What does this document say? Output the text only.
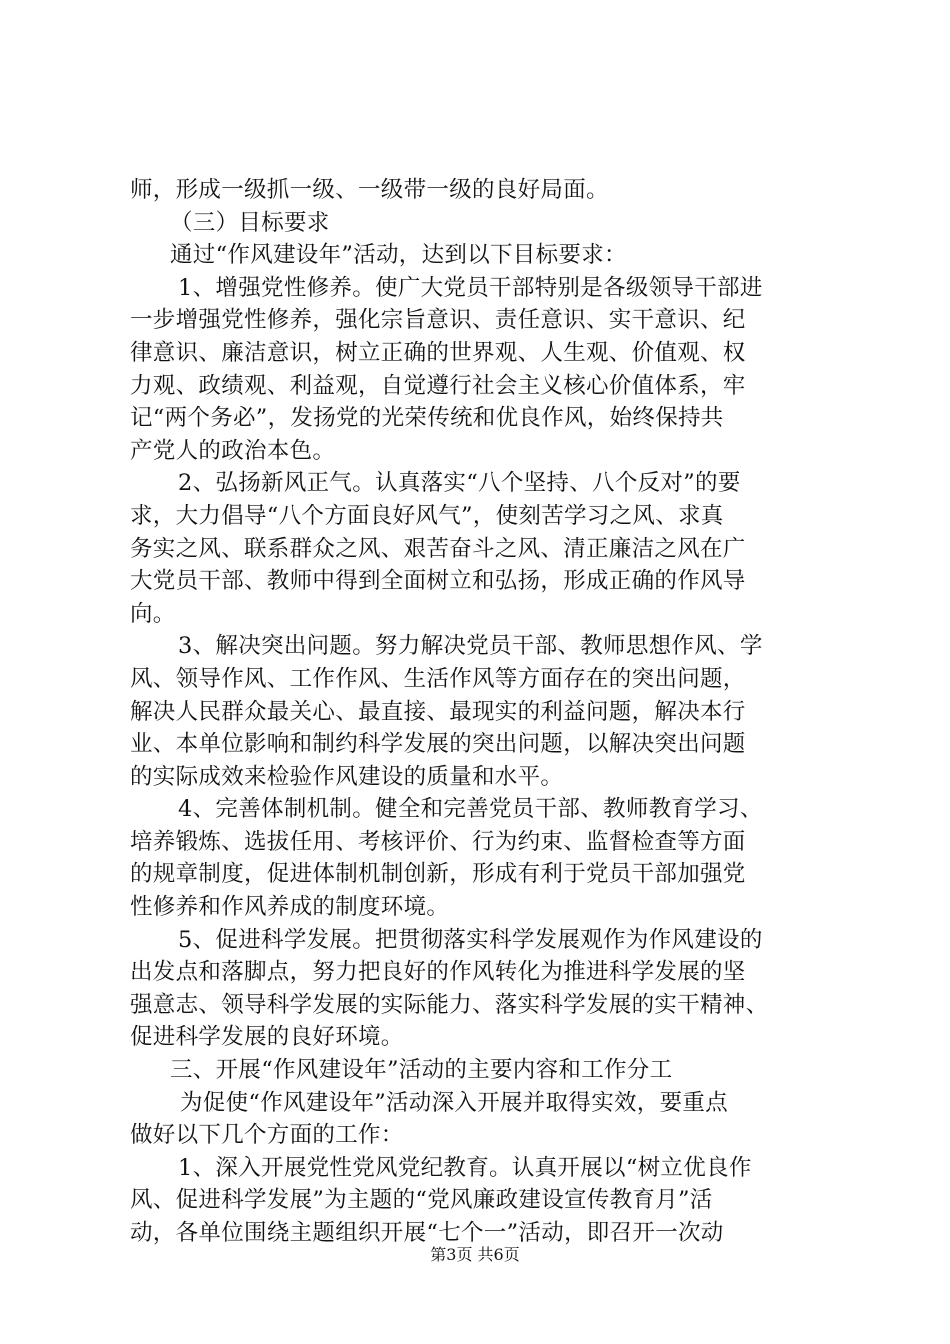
师，形成一级抓一级、一级带一级的良好局面。
（三）目标要求
通过“作风建设年”活动，达到以下目标要求：
1、增强党性修养。使广大党员干部特别是各级领导干部进
一步增强党性修养，强化宗旨意识、责任意识、实干意识、纪
律意识、廉洁意识，树立正确的世界观、人生观、价值观、权
力观、政绩观、利益观，自觉遵行社会主义核心价值体系，牢
记“两个务必”，发扬党的光荣传统和优良作风，始终保持共
产党人的政治本色。
2、弘扬新风正气。认真落实“八个坚持、八个反对”的要
求，大力倡导“八个方面良好风气”，使刻苦学习之风、求真
务实之风、联系群众之风、艰苦奋斗之风、清正廉洁之风在广
大党员干部、教师中得到全面树立和弘扬，形成正确的作风导
向。
3、解决突出问题。努力解决党员干部、教师思想作风、学
风、领导作风、工作作风、生活作风等方面存在的突出问题，
解决人民群众最关心、最直接、最现实的利益问题，解决本行
业、本单位影响和制约科学发展的突出问题，以解决突出问题
的实际成效来检验作风建设的质量和水平。
4、完善体制机制。健全和完善党员干部、教师教育学习、
培养锻炼、选拔任用、考核评价、行为约束、监督检查等方面
的规章制度，促进体制机制创新，形成有利于党员干部加强党
性修养和作风养成的制度环境。
5、促进科学发展。把贯彻落实科学发展观作为作风建设的
出发点和落脚点，努力把良好的作风转化为推进科学发展的坚
强意志、领导科学发展的实际能力、落实科学发展的实干精神、
促进科学发展的良好环境。
三、开展“作风建设年”活动的主要内容和工作分工
为促使“作风建设年”活动深入开展并取得实效，要重点
做好以下几个方面的工作：
1、深入开展党性党风党纪教育。认真开展以“树立优良作
风、促进科学发展”为主题的“党风廉政建设宣传教育月”活
动，各单位围绕主题组织开展“七个一”活动，即召开一次动
第3页 共6页
